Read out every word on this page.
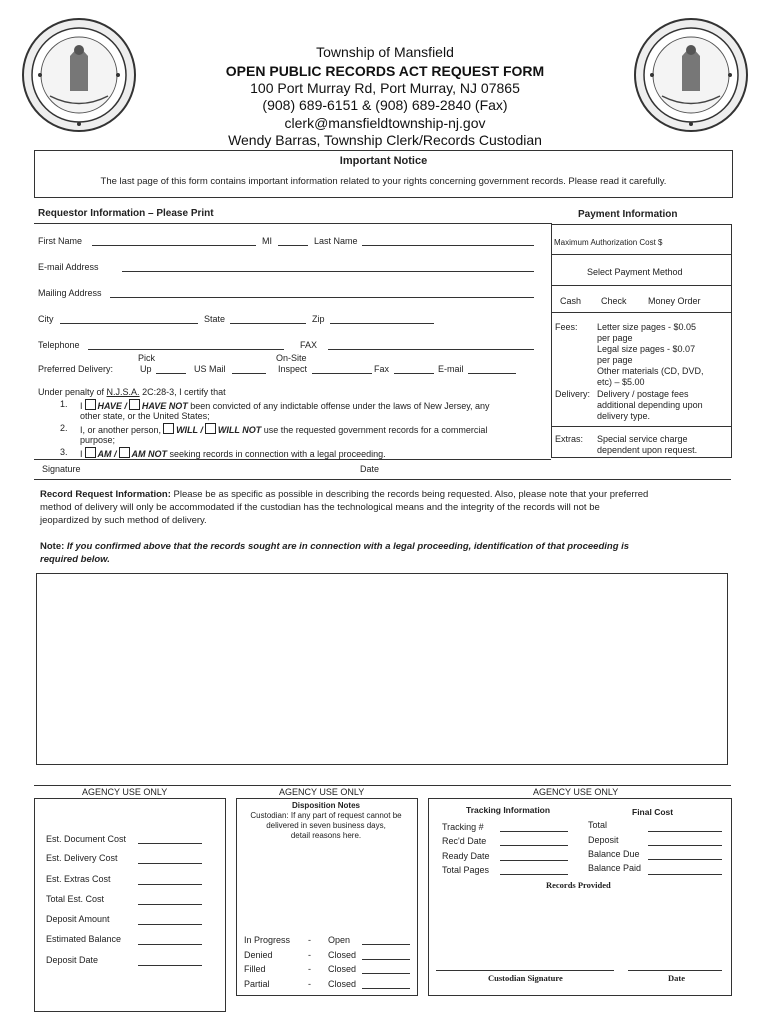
Township of Mansfield
OPEN PUBLIC RECORDS ACT REQUEST FORM
100 Port Murray Rd, Port Murray, NJ 07865
(908) 689-6151 & (908) 689-2840 (Fax)
clerk@mansfieldtownship-nj.gov
Wendy Barras, Township Clerk/Records Custodian
Important Notice
The last page of this form contains important information related to your rights concerning government records. Please read it carefully.
Requestor Information – Please Print
First Name	MI	Last Name
E-mail Address
Mailing Address
City	State	Zip
Telephone	FAX
Pick	On-Site
Preferred Delivery:	Up	US Mail	Inspect	Fax	E-mail
Under penalty of N.J.S.A. 2C:28-3, I certify that
1. I HAVE / HAVE NOT been convicted of any indictable offense under the laws of New Jersey, any
other state, or the United States;
2. I, or another person, WILL / WILL NOT use the requested government records for a commercial
purpose;
3. I AM / AM NOT seeking records in connection with a legal proceeding.
Signature	Date
Payment Information
Maximum Authorization Cost $
Select Payment Method
Cash Check Money Order
Fees: Letter size pages - $0.05
per page
Legal size pages - $0.07
per page
Other materials (CD, DVD,
etc) – $5.00
Delivery: Delivery / postage fees
additional depending upon
delivery type.
Extras: Special service charge
dependent upon request.
Record Request Information: Please be as specific as possible in describing the records being requested. Also, please note that your preferred
method of delivery will only be accommodated if the custodian has the technological means and the integrity of the records will not be
jeopardized by such method of delivery.
Note: If you confirmed above that the records sought are in connection with a legal proceeding, identification of that proceeding is
required below.
AGENCY USE ONLY	AGENCY USE ONLY	AGENCY USE ONLY
Est. Document Cost
Est. Delivery Cost
Est. Extras Cost
Total Est. Cost
Deposit Amount
Estimated Balance
Deposit Date
Disposition Notes
Custodian: If any part of request cannot be
delivered in seven business days,
detail reasons here.
In Progress - Open
Denied	- Closed
Filled	- Closed
Partial	- Closed
Tracking Information	Final Cost
Tracking #
Rec'd Date
Ready Date
Total Pages
Total
Deposit
Balance Due
Balance Paid
Records Provided
Custodian Signature	Date
